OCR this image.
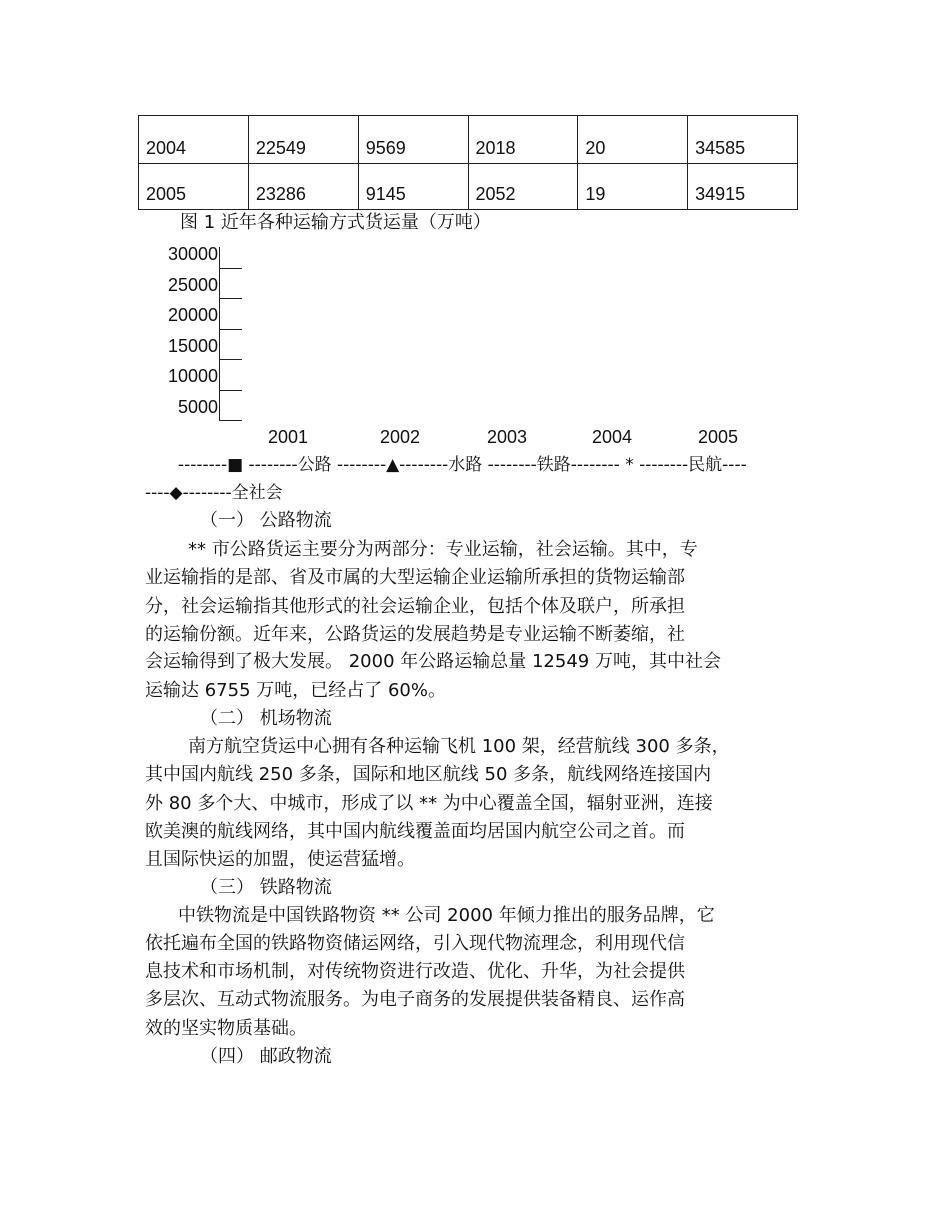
2004	22549	9569	2018	20	34585
2005	23286	9145	2052	19	34915
图 1 近年各种运输方式货运量（万吨）
30000
25000
20000
15000
10000
5000
2001	2002	2003	2004	2005
--------■ --------公路 --------▲--------水路 --------铁路-------- * --------民航----
----◆--------全社会
（一） 公路物流
** 市公路货运主要分为两部分：专业运输，社会运输。其中，专
业运输指的是部、省及市属的大型运输企业运输所承担的货物运输部
分，社会运输指其他形式的社会运输企业，包括个体及联户，所承担
的运输份额。近年来，公路货运的发展趋势是专业运输不断萎缩，社
会运输得到了极大发展。 2000 年公路运输总量 12549 万吨，其中社会
运输达 6755 万吨，已经占了 60%。
（二） 机场物流
南方航空货运中心拥有各种运输飞机 100 架，经营航线 300 多条，
其中国内航线 250 多条，国际和地区航线 50 多条，航线网络连接国内
外 80 多个大、中城市，形成了以 ** 为中心覆盖全国，辐射亚洲，连接
欧美澳的航线网络，其中国内航线覆盖面均居国内航空公司之首。而
且国际快运的加盟，使运营猛增。
（三） 铁路物流
中铁物流是中国铁路物资 ** 公司 2000 年倾力推出的服务品牌，它
依托遍布全国的铁路物资储运网络，引入现代物流理念，利用现代信
息技术和市场机制，对传统物资进行改造、优化、升华，为社会提供
多层次、互动式物流服务。为电子商务的发展提供装备精良、运作高
效的坚实物质基础。
（四） 邮政物流
